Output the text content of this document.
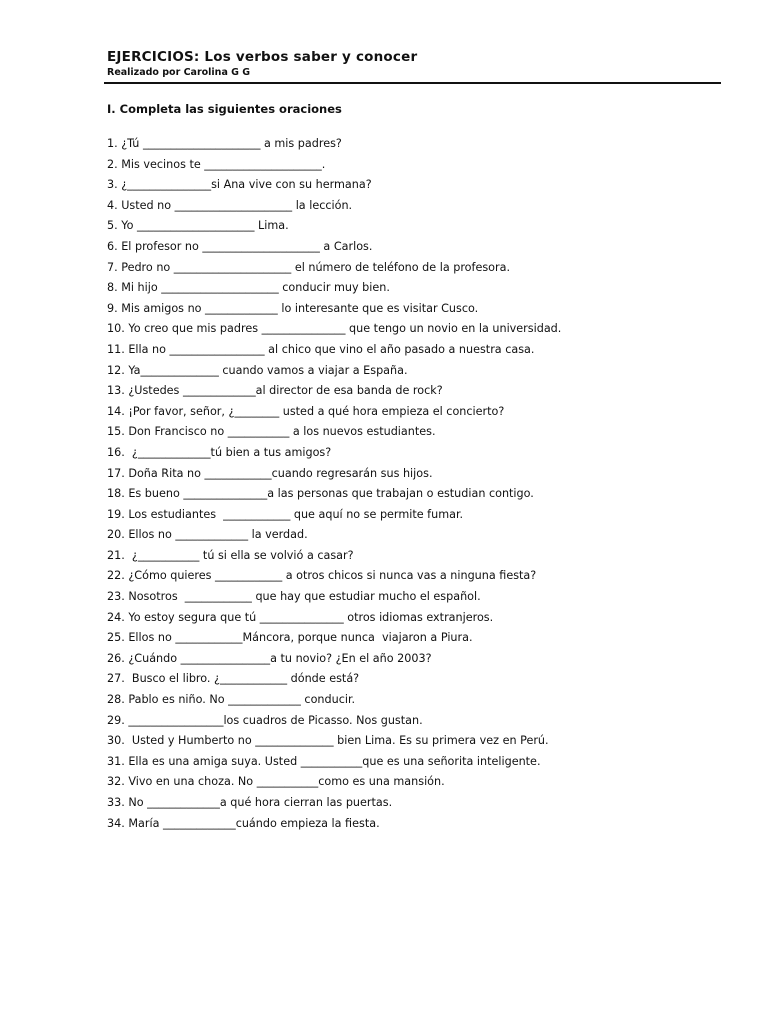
EJERCICIOS: Los verbos saber y conocer
Realizado por Carolina G G
I. Completa las siguientes oraciones
1. ¿Tú _____________________ a mis padres?
2. Mis vecinos te _____________________.
3. ¿_______________si Ana vive con su hermana?
4. Usted no _____________________ la lección.
5. Yo _____________________ Lima.
6. El profesor no _____________________ a Carlos.
7. Pedro no _____________________ el número de teléfono de la profesora.
8. Mi hijo _____________________ conducir muy bien.
9. Mis amigos no _____________ lo interesante que es visitar Cusco.
10. Yo creo que mis padres _______________ que tengo un novio en la universidad.
11. Ella no _________________ al chico que vino el año pasado a nuestra casa.
12. Ya______________ cuando vamos a viajar a España.
13. ¿Ustedes _____________al director de esa banda de rock?
14. ¡Por favor, señor, ¿________ usted a qué hora empieza el concierto?
15. Don Francisco no ___________ a los nuevos estudiantes.
16.  ¿_____________tú bien a tus amigos?
17. Doña Rita no ____________cuando regresarán sus hijos.
18. Es bueno _______________a las personas que trabajan o estudian contigo.
19. Los estudiantes  ____________ que aquí no se permite fumar.
20. Ellos no _____________ la verdad.
21.  ¿___________ tú si ella se volvió a casar?
22. ¿Cómo quieres ____________ a otros chicos si nunca vas a ninguna fiesta?
23. Nosotros  ____________ que hay que estudiar mucho el español.
24. Yo estoy segura que tú _______________ otros idiomas extranjeros.
25. Ellos no ____________Máncora, porque nunca  viajaron a Piura.
26. ¿Cuándo ________________a tu novio? ¿En el año 2003?
27.  Busco el libro. ¿____________ dónde está?
28. Pablo es niño. No _____________ conducir.
29. _________________los cuadros de Picasso. Nos gustan.
30.  Usted y Humberto no ______________ bien Lima. Es su primera vez en Perú.
31. Ella es una amiga suya. Usted ___________que es una señorita inteligente.
32. Vivo en una choza. No ___________como es una mansión.
33. No _____________a qué hora cierran las puertas.
34. María _____________cuándo empieza la fiesta.
